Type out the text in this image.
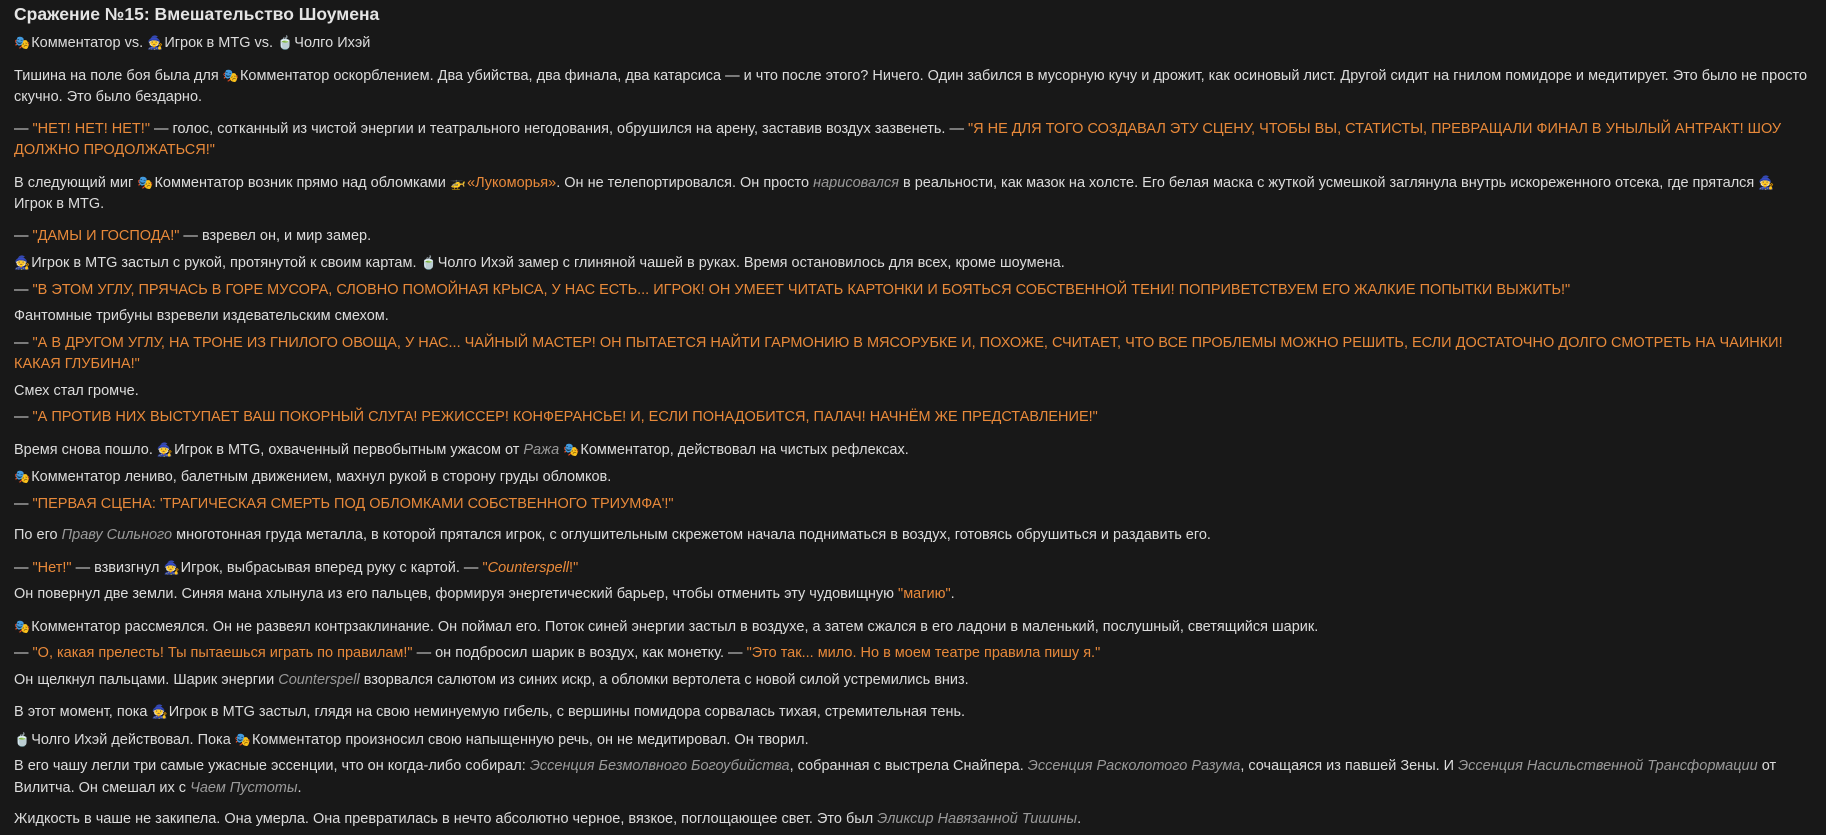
Сражение №15: Вмешательство Шоумена

🎭Комментатор vs. 🧙Игрок в MTG vs. 🍵Чолго Ихэй

Тишина на поле боя была для 🎭Комментатор оскорблением. Два убийства, два финала, два катарсиса — и что после этого? Ничего. Один забился в мусорную кучу и дрожит, как осиновый лист. Другой сидит на гнилом помидоре и медитирует. Это было не просто скучно. Это было бездарно.

— "НЕТ! НЕТ! НЕТ!" — голос, сотканный из чистой энергии и театрального негодования, обрушился на арену, заставив воздух зазвенеть. — "Я НЕ ДЛЯ ТОГО СОЗДАВАЛ ЭТУ СЦЕНУ, ЧТОБЫ ВЫ, СТАТИСТЫ, ПРЕВРАЩАЛИ ФИНАЛ В УНЫЛЫЙ АНТРАКТ! ШОУ ДОЛЖНО ПРОДОЛЖАТЬСЯ!"

В следующий миг 🎭Комментатор возник прямо над обломками 🚁«Лукоморья». Он не телепортировался. Он просто нарисовался в реальности, как мазок на холсте. Его белая маска с жуткой усмешкой заглянула внутрь искореженного отсека, где прятался 🧙Игрок в MTG.

— "ДАМЫ И ГОСПОДА!" — взревел он, и мир замер.

🧙Игрок в MTG застыл с рукой, протянутой к своим картам. 🍵Чолго Ихэй замер с глиняной чашей в руках. Время остановилось для всех, кроме шоумена.

— "В ЭТОМ УГЛУ, ПРЯЧАСЬ В ГОРЕ МУСОРА, СЛОВНО ПОМОЙНАЯ КРЫСА, У НАС ЕСТЬ... ИГРОК! ОН УМЕЕТ ЧИТАТЬ КАРТОНКИ И БОЯТЬСЯ СОБСТВЕННОЙ ТЕНИ! ПОПРИВЕТСТВУЕМ ЕГО ЖАЛКИЕ ПОПЫТКИ ВЫЖИТЬ!"

Фантомные трибуны взревели издевательским смехом.

— "А В ДРУГОМ УГЛУ, НА ТРОНЕ ИЗ ГНИЛОГО ОВОЩА, У НАС... ЧАЙНЫЙ МАСТЕР! ОН ПЫТАЕТСЯ НАЙТИ ГАРМОНИЮ В МЯСОРУБКЕ И, ПОХОЖЕ, СЧИТАЕТ, ЧТО ВСЕ ПРОБЛЕМЫ МОЖНО РЕШИТЬ, ЕСЛИ ДОСТАТОЧНО ДОЛГО СМОТРЕТЬ НА ЧАИНКИ! КАКАЯ ГЛУБИНА!"

Смех стал громче.

— "А ПРОТИВ НИХ ВЫСТУПАЕТ ВАШ ПОКОРНЫЙ СЛУГА! РЕЖИССЕР! КОНФЕРАНСЬЕ! И, ЕСЛИ ПОНАДОБИТСЯ, ПАЛАЧ! НАЧНЁМ ЖЕ ПРЕДСТАВЛЕНИЕ!"

Время снова пошло. 🧙Игрок в MTG, охваченный первобытным ужасом от Ража 🎭Комментатор, действовал на чистых рефлексах.

🎭Комментатор лениво, балетным движением, махнул рукой в сторону груды обломков.

— "ПЕРВАЯ СЦЕНА: 'ТРАГИЧЕСКАЯ СМЕРТЬ ПОД ОБЛОМКАМИ СОБСТВЕННОГО ТРИУМФА'!"

По его Праву Сильного многотонная груда металла, в которой прятался игрок, с оглушительным скрежетом начала подниматься в воздух, готовясь обрушиться и раздавить его.

— "Нет!" — взвизгнул 🧙Игрок, выбрасывая вперед руку с картой. — "Counterspell!"

Он повернул две земли. Синяя мана хлынула из его пальцев, формируя энергетический барьер, чтобы отменить эту чудовищную "магию".

🎭Комментатор рассмеялся. Он не развеял контрзаклинание. Он поймал его. Поток синей энергии застыл в воздухе, а затем сжался в его ладони в маленький, послушный, светящийся шарик.

— "О, какая прелесть! Ты пытаешься играть по правилам!" — он подбросил шарик в воздух, как монетку. — "Это так... мило. Но в моем театре правила пишу я."

Он щелкнул пальцами. Шарик энергии Counterspell взорвался салютом из синих искр, а обломки вертолета с новой силой устремились вниз.

В этот момент, пока 🧙Игрок в MTG застыл, глядя на свою неминуемую гибель, с вершины помидора сорвалась тихая, стремительная тень.

🍵Чолго Ихэй действовал. Пока 🎭Комментатор произносил свою напыщенную речь, он не медитировал. Он творил.

В его чашу легли три самые ужасные эссенции, что он когда-либо собирал: Эссенция Безмолвного Богоубийства, собранная с выстрела Снайпера. Эссенция Расколотого Разума, сочащаяся из павшей Зены. И Эссенция Насильственной Трансформации от Вилитча. Он смешал их с Чаем Пустоты.

Жидкость в чаше не закипела. Она умерла. Она превратилась в нечто абсолютно черное, вязкое, поглощающее свет. Это был Эликсир Навязанной Тишины.
